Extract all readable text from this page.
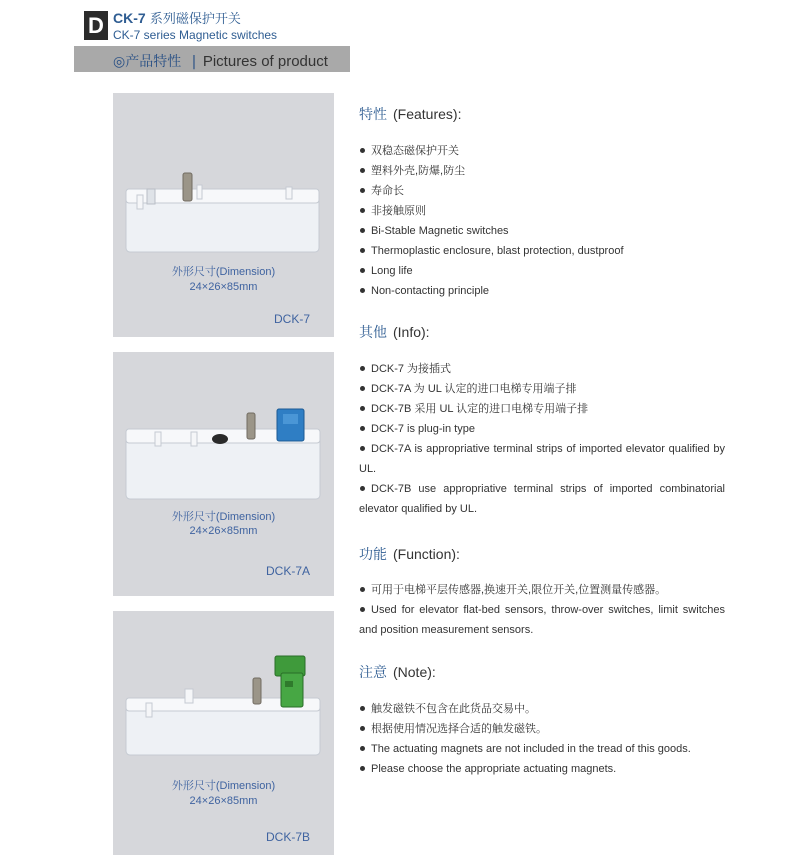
D CK-7 系列磁保护开关
CK-7 series Magnetic switches
◎产品特性 | Pictures of product
外形尺寸(Dimension)
24×26×85mm
DCK-7
外形尺寸(Dimension)
24×26×85mm
DCK-7A
外形尺寸(Dimension)
24×26×85mm
DCK-7B
特性 (Features):
双稳态磁保护开关
塑料外壳,防爆,防尘
寿命长
非接触原则
Bi-Stable Magnetic switches
Thermoplastic enclosure, blast protection, dustproof
Long life
Non-contacting principle
其他 (Info):
DCK-7 为接插式
DCK-7A 为 UL 认定的进口电梯专用端子排
DCK-7B 采用 UL 认定的进口电梯专用端子排
DCK-7 is plug-in type
DCK-7A is appropriative terminal strips of imported elevator qualified by UL.
DCK-7B use appropriative terminal strips of imported combinatorial elevator qualified by UL.
功能 (Function):
可用于电梯平层传感器,换速开关,限位开关,位置测量传感器。
Used for elevator flat-bed sensors, throw-over switches, limit switches and position measurement sensors.
注意 (Note):
触发磁铁不包含在此货品交易中。
根据使用情况选择合适的触发磁铁。
The actuating magnets are not included in the tread of this goods.
Please choose the appropriate actuating magnets.
